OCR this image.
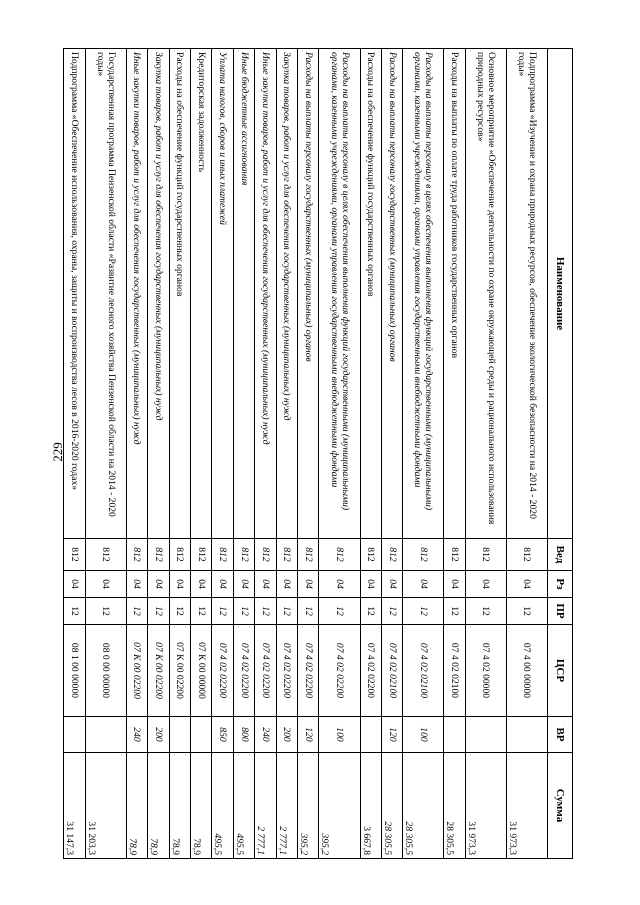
229
Наименование	Вед	Рз	ПР	ЦСР	ВР	Сумма
Подпрограмма «Изучение и охрана природных ресурсов, обеспечение экологической безопасности на 2014 - 2020 годы»	812	04	12	07 4 00 00000		31 973,3
Основное мероприятие «Обеспечение деятельности по охране окружающей среды и рационального использования природных ресурсов»	812	04	12	07 4 02 00000		31 973,3
Расходы на выплаты по оплате труда работников государственных органов	812	04	12	07 4 02 02100		28 305,5
Расходы на выплаты персоналу в целях обеспечения выполнения функций государственными (муниципальными) органами, казенными учреждениями, органами управления государственными внебюджетными фондами	812	04	12	07 4 02 02100	100	28 305,5
Расходы на выплаты персоналу государственных (муниципальных) органов	812	04	12	07 4 02 02100	120	28 305,5
Расходы на обеспечение функций государственных органов	812	04	12	07 4 02 02200		3 667,8
Расходы на выплаты персоналу в целях обеспечения выполнения функций государственными (муниципальными) органами, казенными учреждениями, органами управления государственными внебюджетными фондами	812	04	12	07 4 02 02200	100	395,2
Расходы на выплаты персоналу государственных (муниципальных) органов	812	04	12	07 4 02 02200	120	395,2
Закупка товаров, работ и услуг для обеспечения государственных (муниципальных) нужд	812	04	12	07 4 02 02200	200	2 777,1
Иные закупки товаров, работ и услуг для обеспечения государственных (муниципальных) нужд	812	04	12	07 4 02 02200	240	2 777,1
Иные бюджетные ассигнования	812	04	12	07 4 02 02200	800	495,5
Уплата налогов, сборов и иных платежей	812	04	12	07 4 02 02200	850	495,5
Кредиторская задолженность	812	04	12	07 К 00 00000		78,9
Расходы на обеспечение функций государственных органов	812	04	12	07 К 00 02200		78,9
Закупка товаров, работ и услуг для обеспечения государственных (муниципальных) нужд	812	04	12	07 К 00 02200	200	78,9
Иные закупки товаров, работ и услуг для обеспечения государственных (муниципальных) нужд	812	04	12	07 К 00 02200	240	78,9
Государственная программа Пензенской области «Развитие лесного хозяйства Пензенской области на 2014 - 2020 годы»	812	04	12	08 0 00 00000		31 203,3
Подпрограмма «Обеспечение использования, охраны, защиты и воспроизводства лесов в 2016-2020 годах»	812	04	12	08 1 00 00000		31 147,3
